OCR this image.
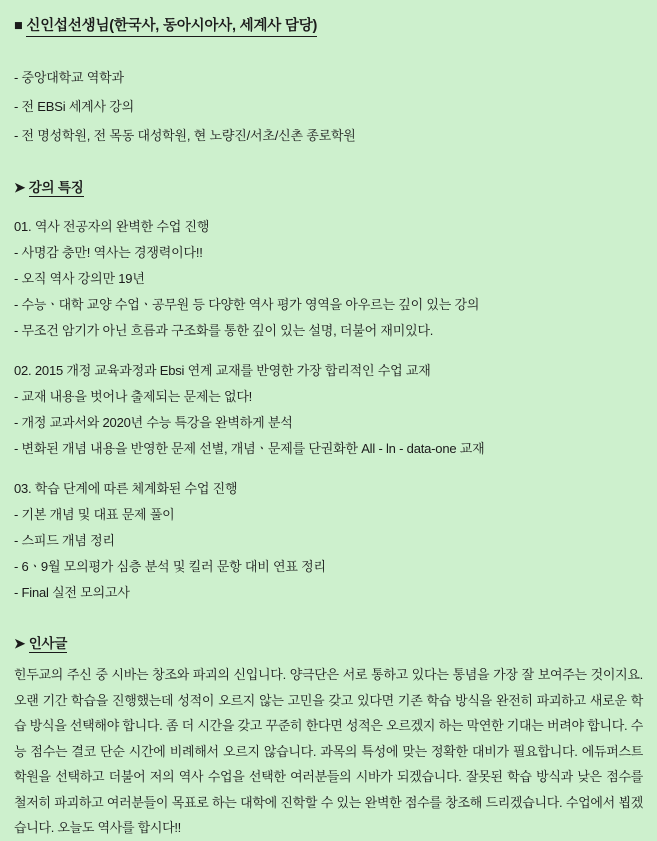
■ 신인섭선생님(한국사, 동아시아사, 세계사 담당)

- 중앙대학교 역학과

- 전 EBSi 세계사 강의

- 전 명성학원, 전 목동 대성학원, 현 노량진/서초/신촌 종로학원

➤ 강의 특징

01. 역사 전공자의 완벽한 수업 진행

- 사명감 충만! 역사는 경쟁력이다!!

- 오직 역사 강의만 19년

- 수능ㆍ대학 교양 수업ㆍ공무원 등 다양한 역사 평가 영역을 아우르는 깊이 있는 강의

- 무조건 암기가 아닌 흐름과 구조화를 통한 깊이 있는 설명, 더불어 재미있다.

02. 2015 개정 교육과정과 Ebsi 연계 교재를 반영한 가장 합리적인 수업 교재

- 교재 내용을 벗어나 출제되는 문제는 없다!

- 개정 교과서와 2020년 수능 특강을 완벽하게 분석

- 변화된 개념 내용을 반영한 문제 선별, 개념ㆍ문제를 단권화한 All - ln - data-one 교재

03. 학습 단계에 따른 체계화된 수업 진행

- 기본 개념 및 대표 문제 풀이

- 스피드 개념 정리

- 6ㆍ9월 모의평가 심층 분석 및 킬러 문항 대비 연표 정리

- Final 실전 모의고사

➤ 인사글

힌두교의 주신 중 시바는 창조와 파괴의 신입니다. 양극단은 서로 통하고 있다는 통념을 가장 잘 보여주는 것이지요. 오랜 기간 학습을 진행했는데 성적이 오르지 않는 고민을 갖고 있다면 기존 학습 방식을 완전히 파괴하고 새로운 학습 방식을 선택해야 합니다. 좀 더 시간을 갖고 꾸준히 한다면 성적은 오르겠지 하는 막연한 기대는 버려야 합니다. 수능 점수는 결코 단순 시간에 비례해서 오르지 않습니다. 과목의 특성에 맞는 정확한 대비가 필요합니다. 에듀퍼스트 학원을 선택하고 더불어 저의 역사 수업을 선택한 여러분들의 시바가 되겠습니다. 잘못된 학습 방식과 낮은 점수를 철저히 파괴하고 여러분들이 목표로 하는 대학에 진학할 수 있는 완벽한 점수를 창조해 드리겠습니다. 수업에서 뵙겠습니다. 오늘도 역사를 합시다!!
